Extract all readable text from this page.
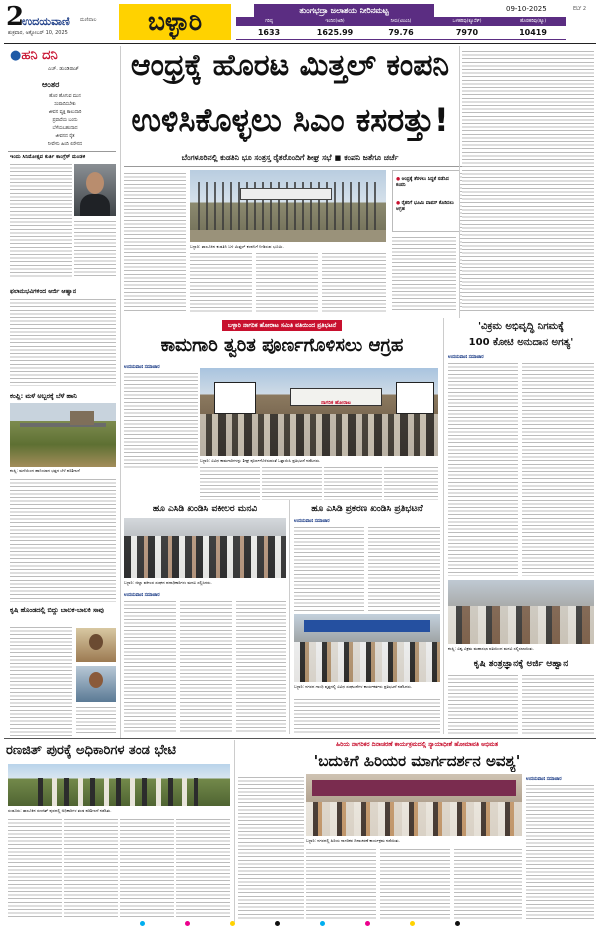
2
ಉದಯವಾಣಿ ಮಣಿಪಾಲ
ಶುಕ್ರವಾರ, ಅಕ್ಟೋಬರ್ 10, 2025	ಬಳ್ಳಾರಿ	ತುಂಗಭದ್ರಾ ಜಲಾಶಯ ನೀರಿನಮಟ್ಟ	09-10-2025
ಗರಿಷ್ಠ	ಇಂದಿನ(ಅಡಿ)	ನೀರು(ಟಿಎಂಸಿ)	ಒಳಹರಿವು(ಕ್ಯೂಸೆಕ್)	ಹೊರಹರಿವು(ಕ್ಯೂ)
1633	1625.99	79.76	7970	10419
ELY 2
●ಹನಿ ದನಿ
ಎಚ್. ಡುಂಡಿರಾಜ್
ಆಂತರ
ಹೊರ ಹೊಗುವ ಮುನ
ಸಂಪಾದಿಸಬೇಕು
ಜೀವನ ವ್ಯಕ್ತಿ ಕಾಲುದಾರಿ
ಪ್ರವಾಸೆಯ ಬಂದು
ಬೆಳೆಯಬಹುದಾದ
ಜೀವನದ ರೈತ
ನೀವೇನು ಹಿಂದಿ ಲಿರೇನದ
ಇಂದು ಸಿನಿಮೋತ್ಸವ ಕುರ್ತಿ ಕಾಂಗ್ರೆಸ್ ಮಂಡಳಿ
ಫಲಾನುಭವಿಗಳಿಂದ ಅರ್ಜಿ ಆಹ್ವಾನ
ಕಂಪ್ಲಿ: ಮಳೆ ಅಬ್ಬರಕ್ಕೆ ಬೆಳೆ ಹಾನಿ
ಕಂಪ್ಲಿ: ಮಳೆಯಿಂದ ಹಾನಿಯಾದ ಭತ್ತದ ಬೆಳೆ ಪರಿಶೀಲನೆ
ಕೃಷಿ ಹೊಂಡದಲ್ಲಿ ಬಿದ್ದು ಬಾಲಕ-ಬಾಲಕಿ ಸಾವು
ಆಂಧ್ರಕ್ಕೆ ಹೊರಟ ಮಿತ್ತಲ್ ಕಂಪನಿ
ಉಳಿಸಿಕೊಳ್ಳಲು ಸಿಎಂ ಕಸರತ್ತು!
ಬೆಂಗಳೂರಿನಲ್ಲಿ ಕುಡತಿನಿ ಭೂ ಸಂತ್ರಸ್ತ ರೈತರೊಂದಿಗೆ ಶೀಘ್ರ ಸಭೆ ■ ಕಂಪನಿ ಜತೆಗೂ ಚರ್ಚೆ
ಬಳ್ಳಾರಿ: ತಾಲೂಕಿನ ಕುಡತಿನಿ ಬಳಿ ಮಿತ್ತಲ್ ಕಂಪನಿಗೆ ನೀಡಿರುವ ಭೂಮಿ.
● ಆಂಧ್ರಕ್ಕೆ ತೆರಳಲು ಸಿದ್ಧತೆ ನಡೆಸಿದ ಕಂಪನಿ
● ರೈತರಿಗೆ ಭೂಮಿ ವಾಪಸ್ ಕೊಡಿಸಲು ಆಗ್ರಹ
ಬಳ್ಳಾರಿ ನಾಗರಿಕ ಹೋರಾಟ ಸಮಿತಿ ವತಿಯಿಂದ ಪ್ರತಿಭಟನೆ
ಕಾಮಗಾರಿ ತ್ವರಿತ ಪೂರ್ಣಗೊಳಿಸಲು ಆಗ್ರಹ
ಉದಯವಾಣಿ ಸಮಾಚಾರ
ನಾಗರಿಕ ಹೋರಾಟ
ಬಳ್ಳಾರಿ: ವಿವಿಧ ಕಾಮಗಾರಿಗಳನ್ನು ಶೀಘ್ರ ಪೂರ್ಣಗೊಳಿಸುವಂತೆ ಒತ್ತಾಯಿಸಿ ಪ್ರತಿಭಟನೆ ನಡೆಸಿದರು.
'ವಿಕ್ರಮ ಅಭಿವೃದ್ಧಿ ನಿಗಮಕ್ಕೆ
100 ಕೋಟಿ ಅನುದಾನ ಅಗತ್ಯ'
ಉದಯವಾಣಿ ಸಮಾಚಾರ
ಕಂಪ್ಲಿ: ವಿಶ್ವ ವಿಕ್ರಮ ಮಹಾಸಭಾ ವತಿಯಿಂದ ಮನವಿ ಸಲ್ಲಿಸಲಾಯಿತು.
ಕೃಷಿ ತಂತ್ರಜ್ಞಾನಕ್ಕೆ ಅರ್ಜಿ ಆಹ್ವಾನ
ಹೂ ಎಸಿಡಿ ಖಂಡಿಸಿ ವಕೀಲರ ಮನವಿ
ಬಳ್ಳಾರಿ: ಜಿಲ್ಲಾ ವಕೀಲರ ಸಂಘದ ಪದಾಧಿಕಾರಿಗಳು ಮನವಿ ಸಲ್ಲಿಸಿದರು.
ಉದಯವಾಣಿ ಸಮಾಚಾರ
ಹೂ ಎಸಿಡಿ ಪ್ರಕರಣ ಖಂಡಿಸಿ ಪ್ರತಿಭಟನೆ
ಉದಯವಾಣಿ ಸಮಾಚಾರ
ಬಳ್ಳಾರಿ: ನಗರದ ಗಾಂಧಿ ವೃತ್ತದಲ್ಲಿ ವಿವಿಧ ಸಂಘಟನೆಗಳ ಕಾರ್ಯಕರ್ತರು ಪ್ರತಿಭಟನೆ ನಡೆಸಿದರು.
ರಣಜಿತ್ ಪುರಕ್ಕೆ ಅಧಿಕಾರಿಗಳ ತಂಡ ಭೇಟಿ
ಸಂಡೂರು: ತಾಲೂಕಿನ ರಣಜಿತ್ ಪುರದಲ್ಲಿ ಅಧಿಕಾರಿಗಳ ತಂಡ ಪರಿಶೀಲನೆ ನಡೆಸಿತು.
ಹಿರಿಯ ನಾಗರಿಕರ ದಿನಾಚರಣೆ ಕಾರ್ಯಕ್ರಮದಲ್ಲಿ ನ್ಯಾಯಾಧೀಶೆ ಹೋಮಾವತಿ ಅಭಿಮತ
'ಬದುಕಿಗೆ ಹಿರಿಯರ ಮಾರ್ಗದರ್ಶನ ಅವಶ್ಯ'
ಬಳ್ಳಾರಿ: ನಗರದಲ್ಲಿ ಹಿರಿಯ ನಾಗರಿಕರ ದಿನಾಚರಣೆ ಕಾರ್ಯಕ್ರಮ ನಡೆಯಿತು.
ಉದಯವಾಣಿ ಸಮಾಚಾರ
